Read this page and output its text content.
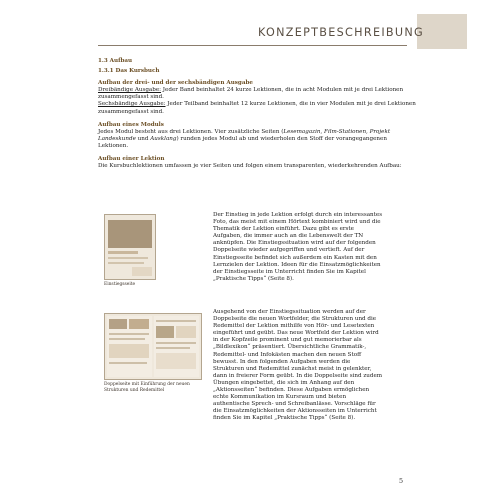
KONZEPTBESCHREIBUNG
1.3 Aufbau
1.3.1 Das Kursbuch
Aufbau der drei- und der sechsbändigen Ausgabe

Dreibändige Ausgabe: Jeder Band beinhaltet 24 kurze Lektionen, die in acht Modulen mit je drei Lektionen zusammengefasst sind.

Sechsbändige Ausgabe: Jeder Teilband beinhaltet 12 kurze Lektionen, die in vier Modulen mit je drei Lektionen zusammengefasst sind.

Aufbau eines Moduls

Jedes Modul besteht aus drei Lektionen. Vier zusätzliche Seiten (Lesemagazin, Film-Stationen, Projekt Landeskunde und Ausklang) runden jedes Modul ab und wiederholen den Stoff der vorangegangenen Lektionen.

Aufbau einer Lektion

Die Kursbuchlektionen umfassen je vier Seiten und folgen einem transparenten, wiederkehrenden Aufbau:

Einstiegsseite
Doppelseite mit Einführung der neuen Strukturen und Redemittel
Der Einstieg in jede Lektion erfolgt durch ein interessantes Foto, das meist mit einem Hörtext kombiniert wird und die Thematik der Lektion einführt. Dazu gibt es erste Aufgaben, die immer auch an die Lebenswelt der TN anknüpfen. Die Einstiegssituation wird auf der folgenden Doppelseite wieder aufgegriffen und vertieft. Auf der Einstiegsseite befindet sich außerdem ein Kasten mit den Lernzielen der Lektion. Ideen für die Einsatzmöglichkeiten der Einstiegsseite im Unterricht finden Sie im Kapitel „Praktische Tipps“ (Seite 8).
Ausgehend von der Einstiegssituation werden auf der Doppelseite die neuen Wortfelder, die Strukturen und die Redemittel der Lektion mithilfe von Hör- und Lesetexten eingeführt und geübt. Das neue Wortfeld der Lektion wird in der Kopfzeile prominent und gut memorierbar als „Bildlexikon“ präsentiert. Übersichtliche Grammatik-, Redemittel- und Infokästen machen den neuen Stoff bewusst. In den folgenden Aufgaben werden die Strukturen und Redemittel zunächst meist in gelenkter, dann in freierer Form geübt. In die Doppelseite sind zudem Übungen eingebettet, die sich im Anhang auf den „Aktionsseiten“ befinden. Diese Aufgaben ermöglichen echte Kommunikation im Kursraum und bieten authentische Sprech- und Schreibanlässe. Vorschläge für die Einsatzmöglichkeiten der Aktionsseiten im Unterricht finden Sie im Kapitel „Praktische Tipps“ (Seite 8).
5
